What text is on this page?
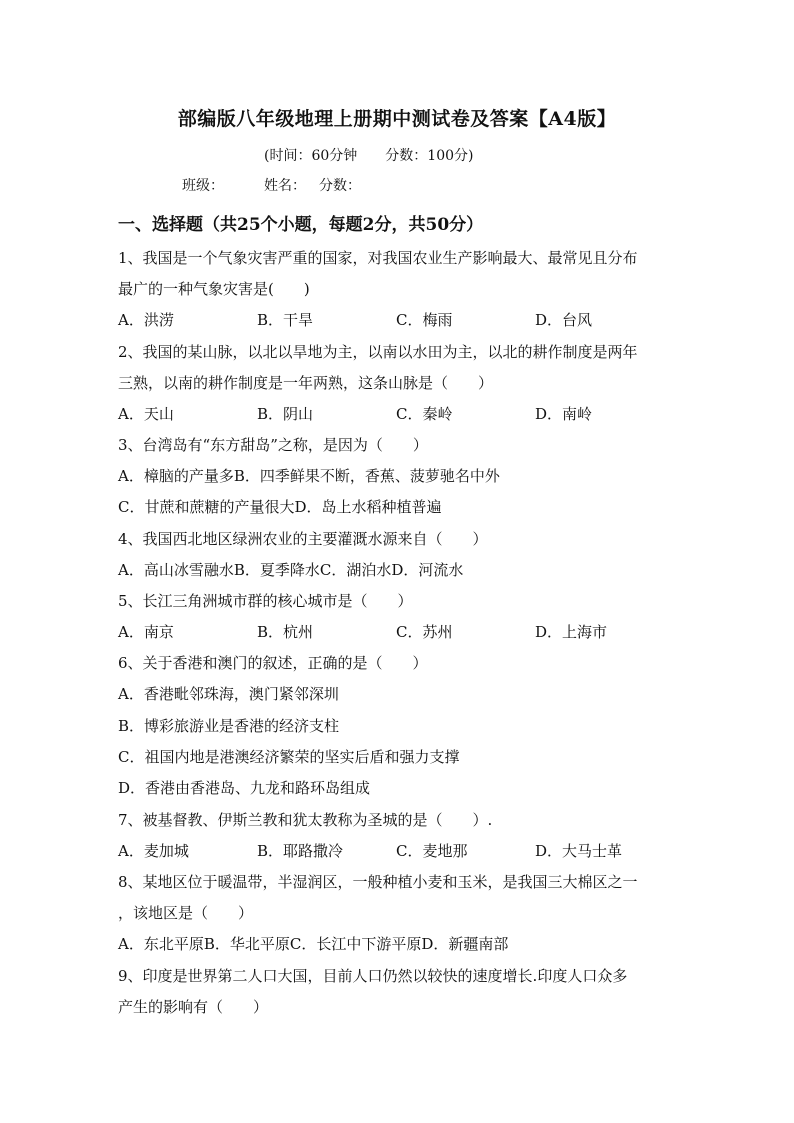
部编版八年级地理上册期中测试卷及答案【A4版】
(时间：60分钟 分数：100分)
班级：	姓名： 分数：
一、选择题（共25个小题，每题2分，共50分）
1、我国是一个气象灾害严重的国家，对我国农业生产影响最大、最常见且分布
最广的一种气象灾害是(　　)
A．洪涝	B．干旱	C．梅雨	D．台风
2、我国的某山脉，以北以旱地为主，以南以水田为主，以北的耕作制度是两年
三熟，以南的耕作制度是一年两熟，这条山脉是（　　）
A．天山	B．阴山	C．秦岭	D．南岭
3、台湾岛有“东方甜岛”之称，是因为（　　）
A．樟脑的产量多B．四季鲜果不断，香蕉、菠萝驰名中外
C．甘蔗和蔗糖的产量很大D．岛上水稻种植普遍
4、我国西北地区绿洲农业的主要灌溉水源来自（　　）
A．高山冰雪融水B．夏季降水C．湖泊水D．河流水
5、长江三角洲城市群的核心城市是（　　）
A．南京	B．杭州	C．苏州	D．上海市
6、关于香港和澳门的叙述，正确的是（　　）
A．香港毗邻珠海，澳门紧邻深圳
B．博彩旅游业是香港的经济支柱
C．祖国内地是港澳经济繁荣的坚实后盾和强力支撑
D．香港由香港岛、九龙和路环岛组成
7、被基督教、伊斯兰教和犹太教称为圣城的是（　　）.
A．麦加城	B．耶路撒冷	C．麦地那	D．大马士革
8、某地区位于暖温带，半湿润区，一般种植小麦和玉米，是我国三大棉区之一
，该地区是（　　）
A．东北平原B．华北平原C．长江中下游平原D．新疆南部
9、印度是世界第二人口大国，目前人口仍然以较快的速度增长.印度人口众多
产生的影响有（　　）
